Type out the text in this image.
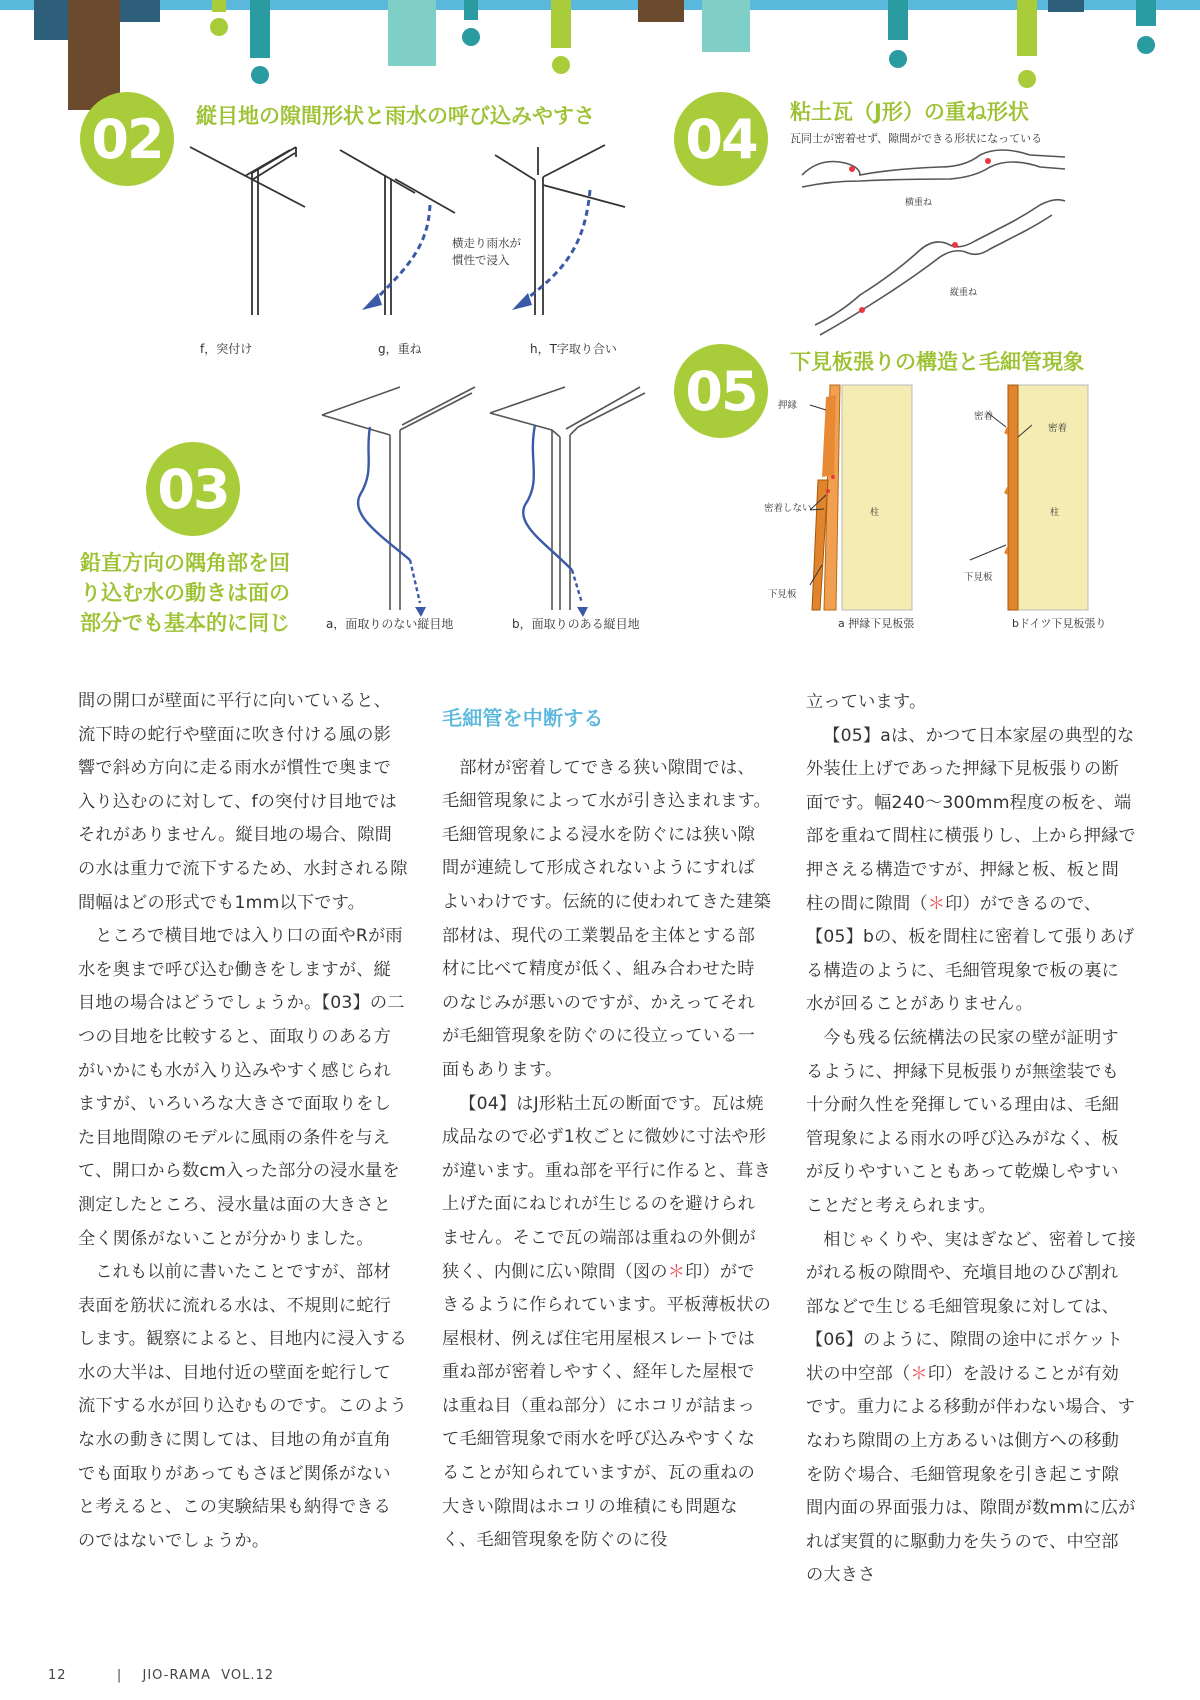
02	縦目地の隙間形状と雨水の呼び込みやすさ
横走り雨水が
慣性で浸入
f，突付け	g，重ね	h，T字取り合い
03
鉛直方向の隅角部を回
り込む水の動きは面の
部分でも基本的に同じ	a，面取りのない縦目地	b，面取りのある縦目地
04	粘土瓦（J形）の重ね形状
瓦同士が密着せず、隙間ができる形状になっている
横重ね
縦重ね
05	下見板張りの構造と毛細管現象
柱	柱
押縁
密着しない
下見板
密着
密着
下見板
a 押縁下見板張	bドイツ下見板張り

間の開口が壁面に平行に向いていると、流下時の蛇行や壁面に吹き付ける風の影響で斜め方向に走る雨水が慣性で奥まで入り込むのに対して、fの突付け目地ではそれがありません。縦目地の場合、隙間の水は重力で流下するため、水封される隙間幅はどの形式でも1mm以下です。

ところで横目地では入り口の面やRが雨水を奥まで呼び込む働きをしますが、縦目地の場合はどうでしょうか。【03】の二つの目地を比較すると、面取りのある方がいかにも水が入り込みやすく感じられますが、いろいろな大きさで面取りをした目地間隙のモデルに風雨の条件を与えて、開口から数cm入った部分の浸水量を測定したところ、浸水量は面の大きさと全く関係がないことが分かりました。

これも以前に書いたことですが、部材表面を筋状に流れる水は、不規則に蛇行します。観察によると、目地内に浸入する水の大半は、目地付近の壁面を蛇行して流下する水が回り込むものです。このような水の動きに関しては、目地の角が直角でも面取りがあってもさほど関係がないと考えると、この実験結果も納得できるのではないでしょうか。

毛細管を中断する

部材が密着してできる狭い隙間では、毛細管現象によって水が引き込まれます。毛細管現象による浸水を防ぐには狭い隙間が連続して形成されないようにすればよいわけです。伝統的に使われてきた建築部材は、現代の工業製品を主体とする部材に比べて精度が低く、組み合わせた時のなじみが悪いのですが、かえってそれが毛細管現象を防ぐのに役立っている一面もあります。

【04】はJ形粘土瓦の断面です。瓦は焼成品なので必ず1枚ごとに微妙に寸法や形が違います。重ね部を平行に作ると、葺き上げた面にねじれが生じるのを避けられません。そこで瓦の端部は重ねの外側が狭く、内側に広い隙間（図の＊印）ができるように作られています。平板薄板状の屋根材、例えば住宅用屋根スレートでは重ね部が密着しやすく、経年した屋根では重ね目（重ね部分）にホコリが詰まって毛細管現象で雨水を呼び込みやすくなることが知られていますが、瓦の重ねの大きい隙間はホコリの堆積にも問題なく、毛細管現象を防ぐのに役

立っています。

【05】aは、かつて日本家屋の典型的な外装仕上げであった押縁下見板張りの断面です。幅240～300mm程度の板を、端部を重ねて間柱に横張りし、上から押縁で押さえる構造ですが、押縁と板、板と間柱の間に隙間（＊印）ができるので、【05】bの、板を間柱に密着して張りあげる構造のように、毛細管現象で板の裏に水が回ることがありません。

今も残る伝統構法の民家の壁が証明するように、押縁下見板張りが無塗装でも十分耐久性を発揮している理由は、毛細管現象による雨水の呼び込みがなく、板が反りやすいこともあって乾燥しやすいことだと考えられます。

相じゃくりや、実はぎなど、密着して接がれる板の隙間や、充塡目地のひび割れ部などで生じる毛細管現象に対しては、【06】のように、隙間の途中にポケット状の中空部（＊印）を設けることが有効です。重力による移動が伴わない場合、すなわち隙間の上方あるいは側方への移動を防ぐ場合、毛細管現象を引き起こす隙間内面の界面張力は、隙間が数mmに広がれば実質的に駆動力を失うので、中空部の大きさ

12	| JIO-RAMA  VOL.12
